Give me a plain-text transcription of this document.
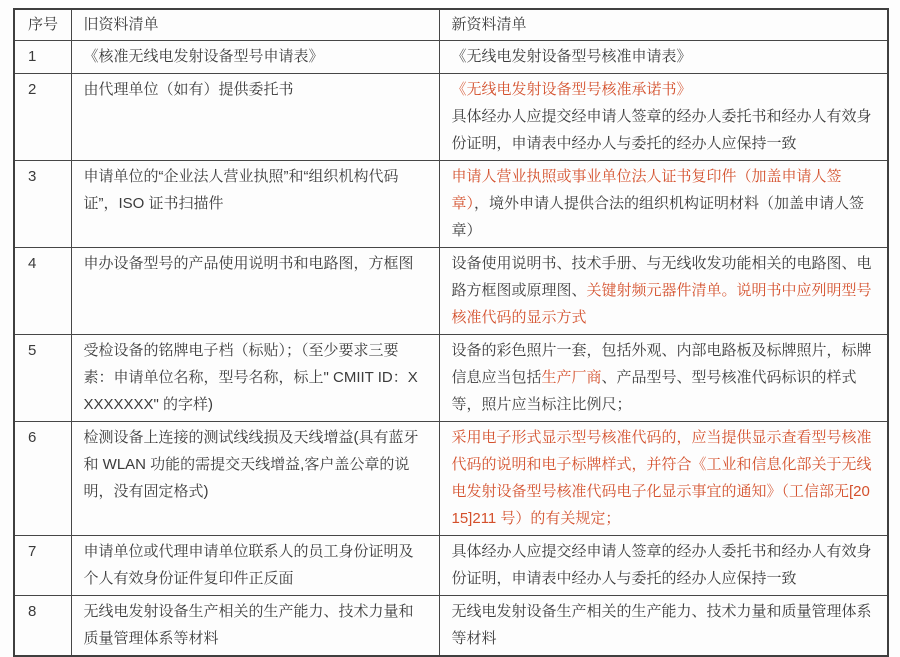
序号	旧资料清单	新资料清单
1	《核准无线电发射设备型号申请表》	《无线电发射设备型号核准申请表》

2	由代理单位（如有）提供委托书	《无线电发射设备型号核准承诺书》
具体经办人应提交经申请人签章的经办人委托书和经办人有效身份证明，申请表中经办人与委托的经办人应保持一致

3	申请单位的“企业法人营业执照”和“组织机构代码证”，ISO 证书扫描件	申请人营业执照或事业单位法人证书复印件（加盖申请人签章），境外申请人提供合法的组织机构证明材料（加盖申请人签章）

4	申办设备型号的产品使用说明书和电路图，方框图	设备使用说明书、技术手册、与无线收发功能相关的电路图、电路方框图或原理图、关键射频元器件清单。说明书中应列明型号核准代码的显示方式

5	受检设备的铭牌电子档（标贴）；（至少要求三要素：申请单位名称，型号名称，标上" CMIIT ID：XXXXXXXX" 的字样)	设备的彩色照片一套，包括外观、内部电路板及标牌照片，标牌信息应当包括生产厂商、产品型号、型号核准代码标识的样式等，照片应当标注比例尺；

6	检测设备上连接的测试线线损及天线增益(具有蓝牙和 WLAN 功能的需提交天线增益,客户盖公章的说明，没有固定格式)	采用电子形式显示型号核准代码的，应当提供显示查看型号核准代码的说明和电子标牌样式，并符合《工业和信息化部关于无线电发射设备型号核准代码电子化显示事宜的通知》（工信部无[2015]211 号）的有关规定；

7	申请单位或代理申请单位联系人的员工身份证明及个人有效身份证件复印件正反面	具体经办人应提交经申请人签章的经办人委托书和经办人有效身份证明，申请表中经办人与委托的经办人应保持一致

8	无线电发射设备生产相关的生产能力、技术力量和质量管理体系等材料	无线电发射设备生产相关的生产能力、技术力量和质量管理体系等材料
